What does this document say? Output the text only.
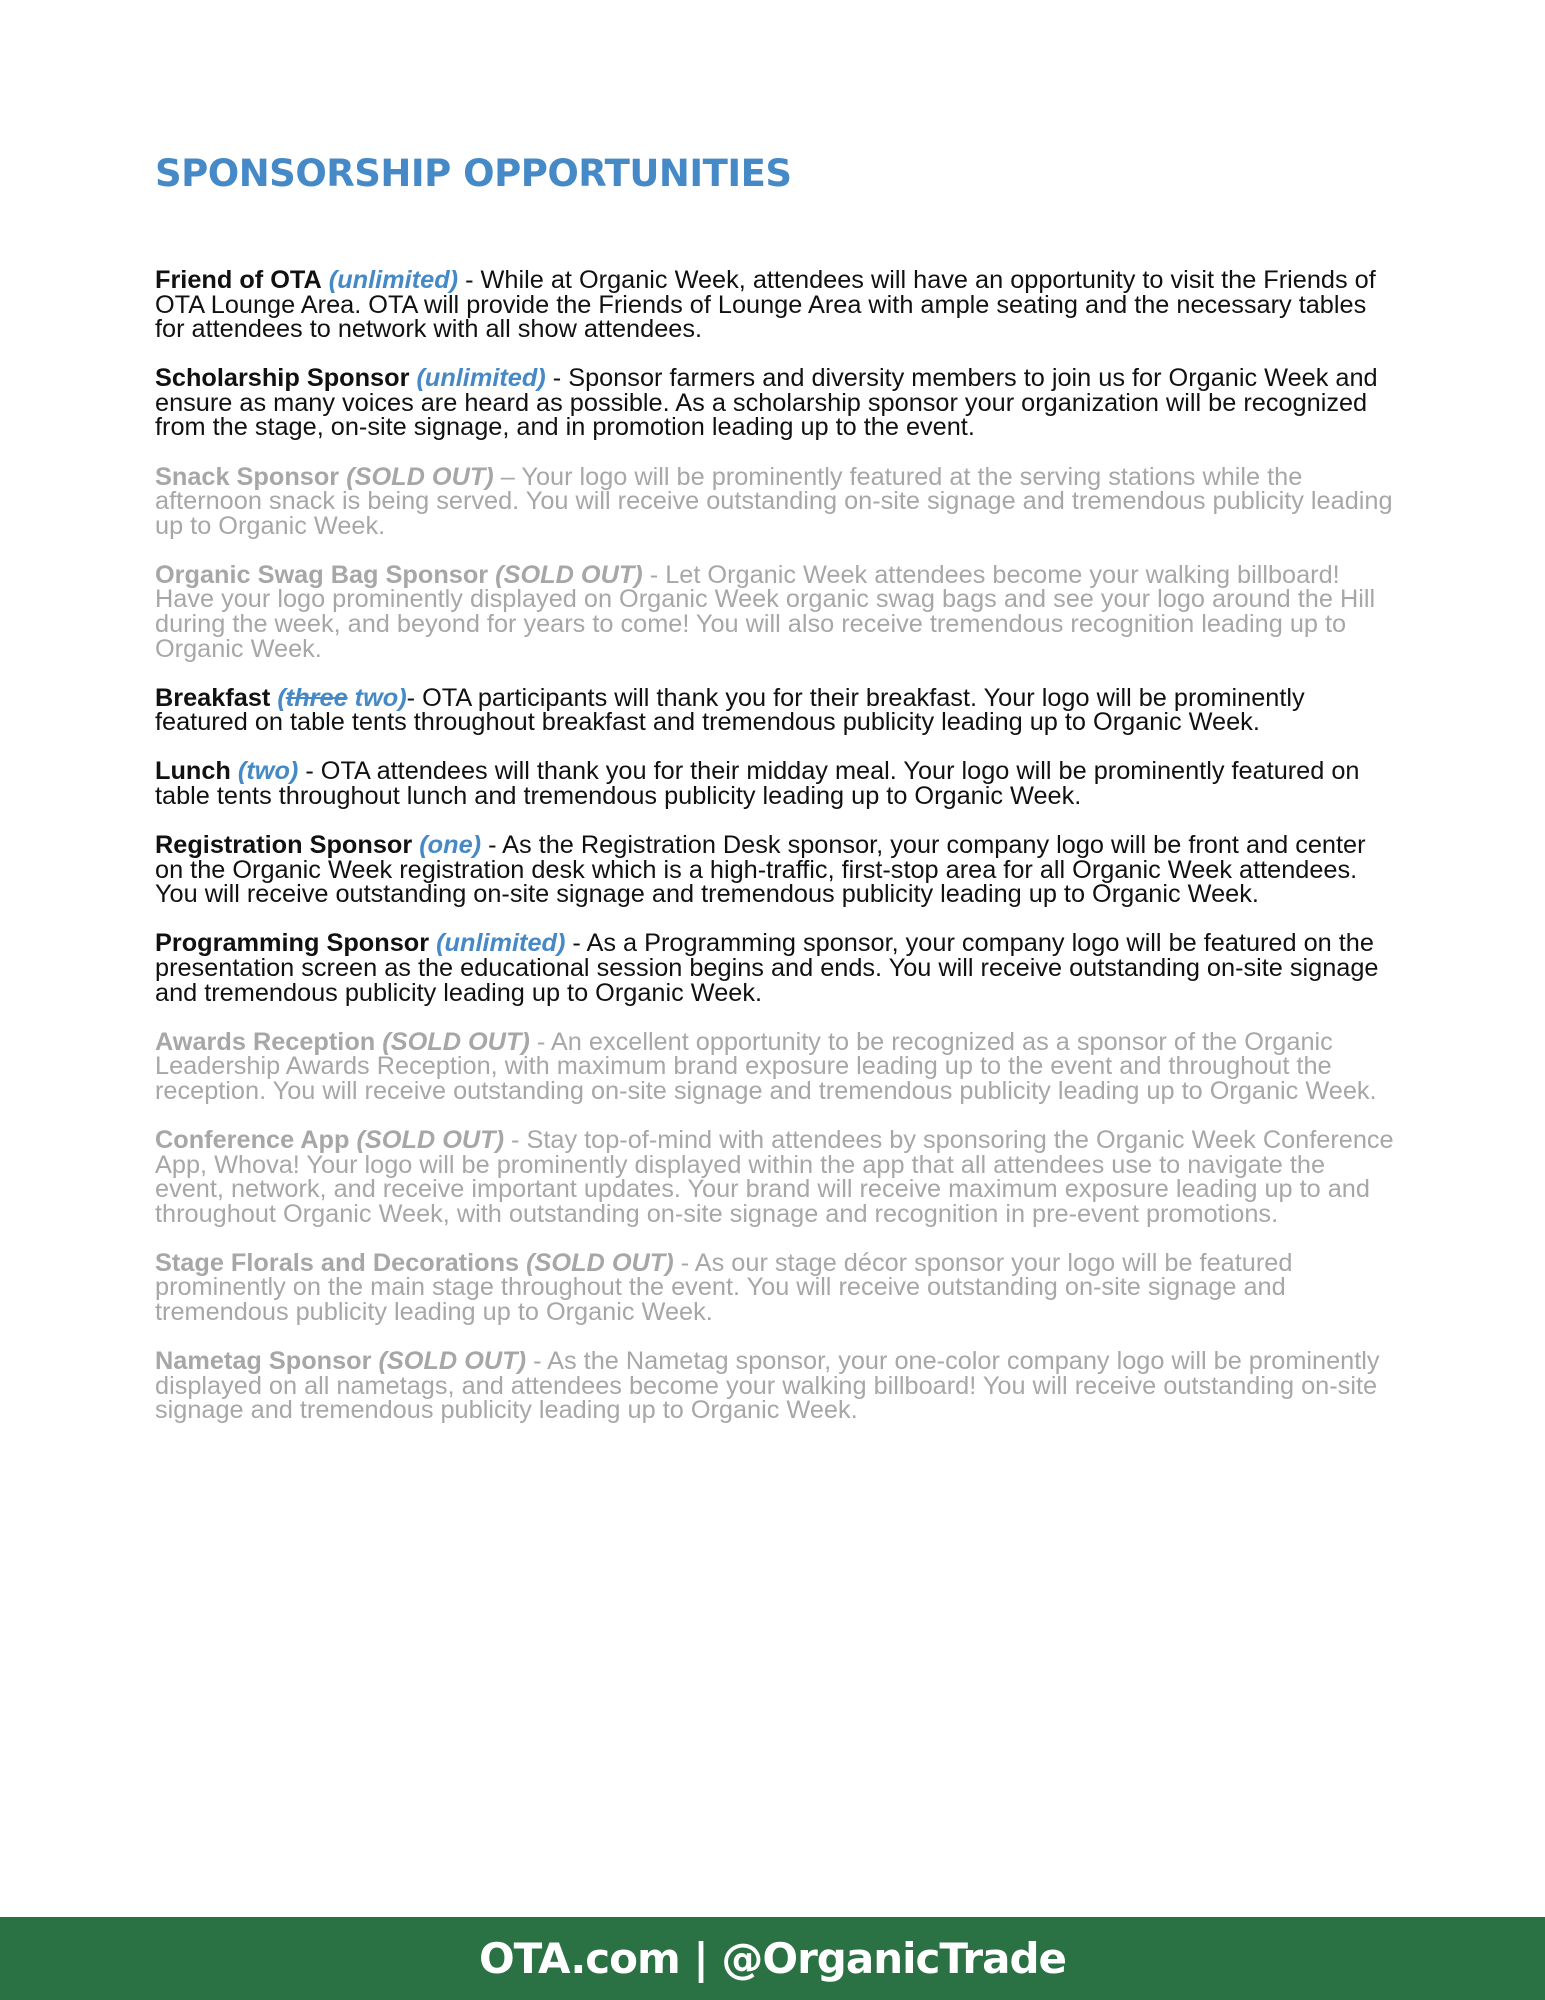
SPONSORSHIP OPPORTUNITIES

Friend of OTA (unlimited) - While at Organic Week, attendees will have an opportunity to visit the Friends of OTA Lounge Area. OTA will provide the Friends of Lounge Area with ample seating and the necessary tables for attendees to network with all show attendees.

Scholarship Sponsor (unlimited) - Sponsor farmers and diversity members to join us for Organic Week and ensure as many voices are heard as possible. As a scholarship sponsor your organization will be recognized from the stage, on-site signage, and in promotion leading up to the event.

Snack Sponsor (SOLD OUT) – Your logo will be prominently featured at the serving stations while the afternoon snack is being served. You will receive outstanding on-site signage and tremendous publicity leading up to Organic Week.

Organic Swag Bag Sponsor (SOLD OUT) - Let Organic Week attendees become your walking billboard! Have your logo prominently displayed on Organic Week organic swag bags and see your logo around the Hill during the week, and beyond for years to come! You will also receive tremendous recognition leading up to Organic Week.

Breakfast (three two)- OTA participants will thank you for their breakfast. Your logo will be prominently featured on table tents throughout breakfast and tremendous publicity leading up to Organic Week.

Lunch (two) - OTA attendees will thank you for their midday meal. Your logo will be prominently featured on table tents throughout lunch and tremendous publicity leading up to Organic Week.

Registration Sponsor (one) - As the Registration Desk sponsor, your company logo will be front and center on the Organic Week registration desk which is a high-traffic, first-stop area for all Organic Week attendees. You will receive outstanding on-site signage and tremendous publicity leading up to Organic Week.

Programming Sponsor (unlimited) - As a Programming sponsor, your company logo will be featured on the presentation screen as the educational session begins and ends. You will receive outstanding on-site signage and tremendous publicity leading up to Organic Week.

Awards Reception (SOLD OUT) - An excellent opportunity to be recognized as a sponsor of the Organic Leadership Awards Reception, with maximum brand exposure leading up to the event and throughout the reception. You will receive outstanding on-site signage and tremendous publicity leading up to Organic Week.

Conference App (SOLD OUT) - Stay top-of-mind with attendees by sponsoring the Organic Week Conference App, Whova! Your logo will be prominently displayed within the app that all attendees use to navigate the event, network, and receive important updates. Your brand will receive maximum exposure leading up to and throughout Organic Week, with outstanding on-site signage and recognition in pre-event promotions.

Stage Florals and Decorations (SOLD OUT) - As our stage décor sponsor your logo will be featured prominently on the main stage throughout the event. You will receive outstanding on-site signage and tremendous publicity leading up to Organic Week.

Nametag Sponsor (SOLD OUT) - As the Nametag sponsor, your one-color company logo will be prominently displayed on all nametags, and attendees become your walking billboard! You will receive outstanding on-site signage and tremendous publicity leading up to Organic Week.

OTA.com | @OrganicTrade
